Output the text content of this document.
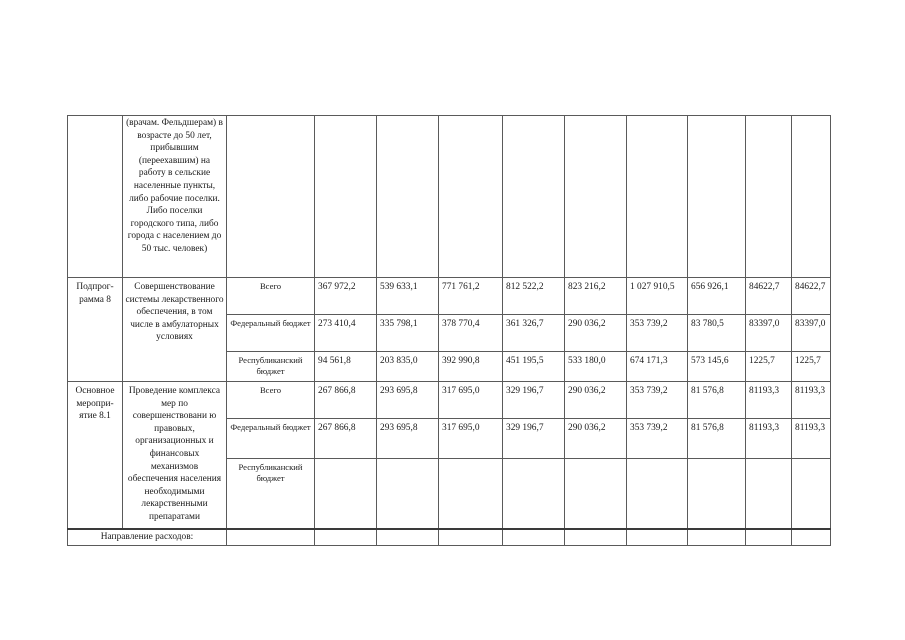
	(врачам. Фельдшерам) в возрасте до 50 лет, прибывшим (переехавшим) на работу в сельские населенные пункты, либо рабочие поселки. Либо поселки городского типа, либо города с населением до 50 тыс. человек)										
Подпрог-рамма 8	Совершенствование системы лекарственного обеспечения, в том числе в амбулаторных условиях	Всего	367 972,2	539 633,1	771 761,2	812 522,2	823 216,2	1 027 910,5	656 926,1	84622,7	84622,7
		Федеральный бюджет	273 410,4	335 798,1	378 770,4	361 326,7	290 036,2	353 739,2	83 780,5	83397,0	83397,0
		Республиканский бюджет	94 561,8	203 835,0	392 990,8	451 195,5	533 180,0	674 171,3	573 145,6	1225,7	1225,7
Основное меропри-ятие 8.1	Проведение комплекса мер по совершенствовани ю правовых, организационных и финансовых механизмов обеспечения населения необходимыми лекарственными препаратами	Всего	267 866,8	293 695,8	317 695,0	329 196,7	290 036,2	353 739,2	81 576,8	81193,3	81193,3
		Федеральный бюджет	267 866,8	293 695,8	317 695,0	329 196,7	290 036,2	353 739,2	81 576,8	81193,3	81193,3
		Республиканский бюджет									
Направление расходов:											
